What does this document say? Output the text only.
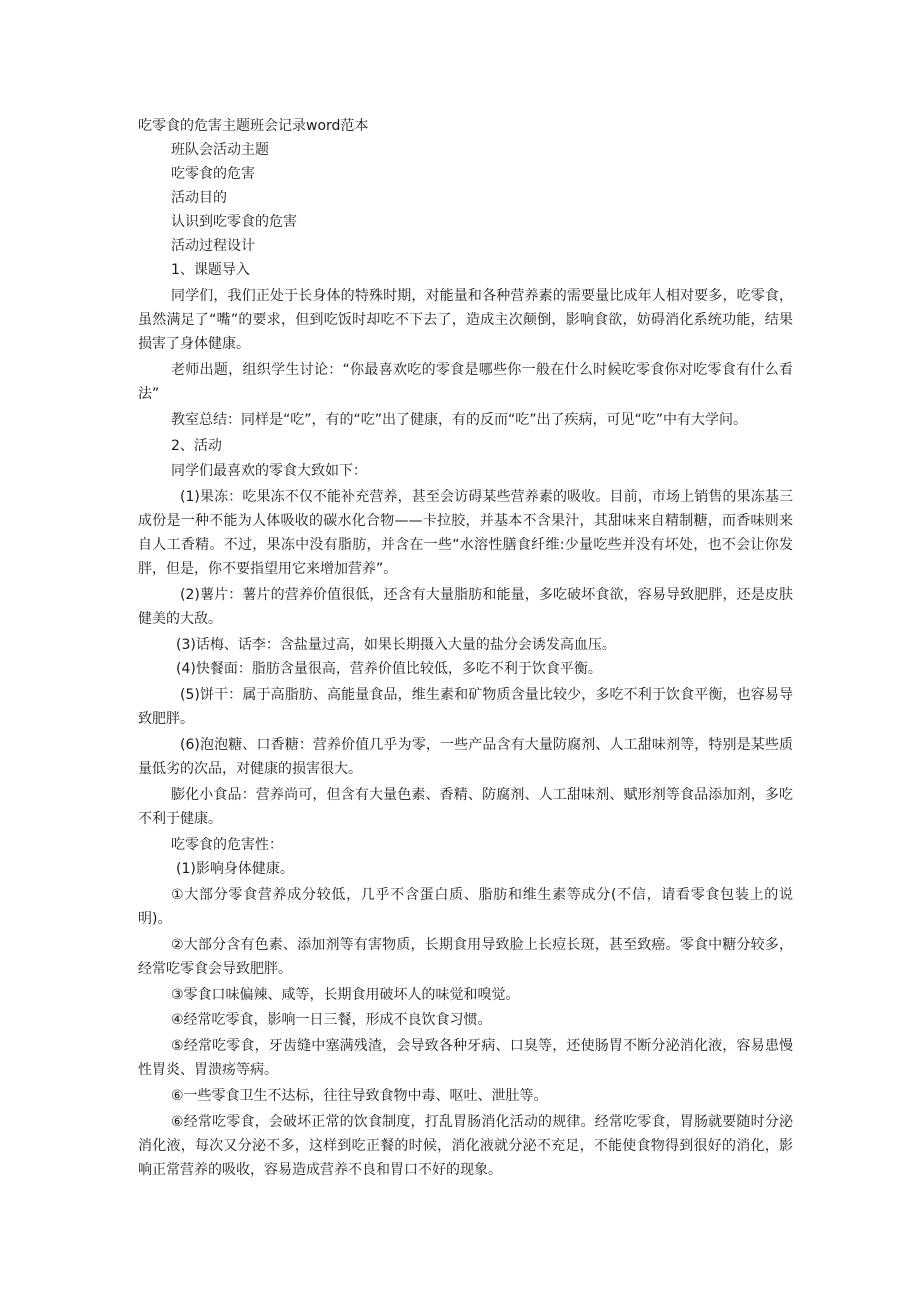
吃零食的危害主题班会记录word范本

班队会活动主题

吃零食的危害

活动目的

认识到吃零食的危害

活动过程设计

1、课题导入

同学们，我们正处于长身体的特殊时期，对能量和各种营养素的需要量比成年人相对要多，吃零食，虽然满足了“嘴”的要求，但到吃饭时却吃不下去了，造成主次颠倒，影响食欲，妨碍消化系统功能，结果损害了身体健康。

老师出题，组织学生讨论：“你最喜欢吃的零食是哪些你一般在什么时候吃零食你对吃零食有什么看法”

教室总结：同样是“吃”，有的“吃”出了健康，有的反而“吃”出了疾病，可见“吃”中有大学问。

2、活动

同学们最喜欢的零食大致如下：

(1)果冻：吃果冻不仅不能补充营养，甚至会访碍某些营养素的吸收。目前，市场上销售的果冻基三成份是一种不能为人体吸收的碳水化合物——卡拉胶，并基本不含果汁，其甜味来自精制糖，而香味则来自人工香精。不过，果冻中没有脂肪，并含在一些“水溶性膳食纤维:少量吃些并没有坏处，也不会让你发胖，但是，你不要指望用它来增加营养”。

(2)薯片：薯片的营养价值很低，还含有大量脂肪和能量，多吃破坏食欲，容易导致肥胖，还是皮肤健美的大敌。

(3)话梅、话李：含盐量过高，如果长期摄入大量的盐分会诱发高血压。

(4)快餐面：脂肪含量很高，营养价值比较低，多吃不利于饮食平衡。

(5)饼干：属于高脂肪、高能量食品，维生素和矿物质含量比较少，多吃不利于饮食平衡，也容易导致肥胖。

(6)泡泡糖、口香糖：营养价值几乎为零，一些产品含有大量防腐剂、人工甜味剂等，特别是某些质量低劣的次品，对健康的损害很大。

膨化小食品：营养尚可，但含有大量色素、香精、防腐剂、人工甜味剂、赋形剂等食品添加剂，多吃不利于健康。

吃零食的危害性：

(1)影响身体健康。

①大部分零食营养成分较低，几乎不含蛋白质、脂肪和维生素等成分(不信，请看零食包装上的说明)。

②大部分含有色素、添加剂等有害物质，长期食用导致脸上长痘长斑，甚至致癌。零食中糖分较多，经常吃零食会导致肥胖。

③零食口味偏辣、咸等，长期食用破坏人的味觉和嗅觉。

④经常吃零食，影响一日三餐，形成不良饮食习惯。

⑤经常吃零食，牙齿缝中塞满残渣，会导致各种牙病、口臭等，还使肠胃不断分泌消化液，容易患慢性胃炎、胃溃疡等病。

⑥一些零食卫生不达标，往往导致食物中毒、呕吐、泄肚等。

⑥经常吃零食，会破坏正常的饮食制度，打乱胃肠消化活动的规律。经常吃零食，胃肠就要随时分泌消化液，每次又分泌不多，这样到吃正餐的时候，消化液就分泌不充足，不能使食物得到很好的消化，影响正常营养的吸收，容易造成营养不良和胃口不好的现象。
